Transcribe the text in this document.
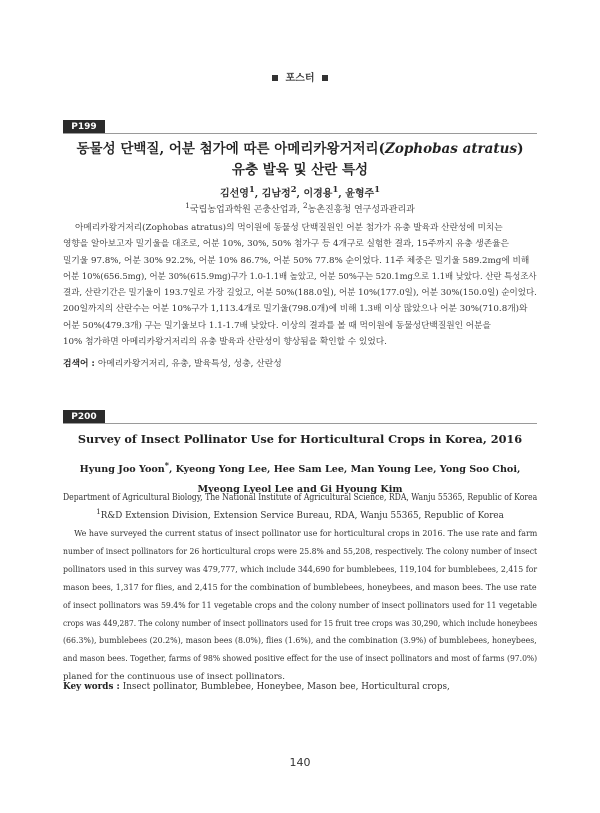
포스터
P199
동물성 단백질, 어분 첨가에 따른 아메리카왕거저리(Zophobas atratus)
유충 발육 및 산란 특성
김선영$^1$, 김남정$^2$, 이경용$^1$, 윤형주$^1$
$^1$국립농업과학원 곤충산업과, $^2$농촌진흥청 연구성과관리과
아메리카왕거저리(Zophobas atratus)의 먹이원에 동물성 단백질원인 어분 첨가가 유충 발육과 산란성에 미치는
영향을 알아보고자 밀기울을 대조로, 어분 10%, 30%, 50% 첨가구 등 4개구로 실험한 결과, 15주까지 유충 생존율은
밀기울 97.8%, 어분 30% 92.2%, 어분 10% 86.7%, 어분 50% 77.8% 순이었다. 11주 체중은 밀기울 589.2mg에 비해
어분 10%(656.5mg), 어분 30%(615.9mg)구가 1.0-1.1배 높았고, 어분 50%구는 520.1mg으로 1.1배 낮았다. 산란 특성조사
결과, 산란기간은 밀기울이 193.7일로 가장 길었고, 어분 50%(188.0일), 어분 10%(177.0일), 어분 30%(150.0일) 순이었다.
200일까지의 산란수는 어분 10%구가 1,113.4개로 밀기울(798.0개)에 비해 1.3배 이상 많았으나 어분 30%(710.8개)와
어분 50%(479.3개) 구는 밀기울보다 1.1-1.7배 낮았다. 이상의 결과를 볼 때 먹이원에 동물성단백질원인 어분을
10% 첨가하면 아메리카왕거저리의 유충 발육과 산란성이 향상됨을 확인할 수 있었다.
검색어 : 아메리카왕거저리, 유충, 발육특성, 성충, 산란성
P200
Survey of Insect Pollinator Use for Horticultural Crops in Korea, 2016
Hyung Joo Yoon*, Kyeong Yong Lee, Hee Sam Lee, Man Young Lee, Yong Soo Choi,
Myeong Lyeol Lee and Gi Hyoung Kim
Department of Agricultural Biology, The National Institute of Agricultural Science, RDA, Wanju 55365, Republic of Korea
$^1$R&D Extension Division, Extension Service Bureau, RDA, Wanju 55365, Republic of Korea
We have surveyed the current status of insect pollinator use for horticultural crops in 2016. The use rate and farm
number of insect pollinators for 26 horticultural crops were 25.8% and 55,208, respectively. The colony number of insect
pollinators used in this survey was 479,777, which include 344,690 for bumblebees, 119,104 for bumblebees, 2,415 for
mason bees, 1,317 for flies, and 2,415 for the combination of bumblebees, honeybees, and mason bees. The use rate
of insect pollinators was 59.4% for 11 vegetable crops and the colony number of insect pollinators used for 11 vegetable
crops was 449,287. The colony number of insect pollinators used for 15 fruit tree crops was 30,290, which include honeybees
(66.3%), bumblebees (20.2%), mason bees (8.0%), flies (1.6%), and the combination (3.9%) of bumblebees, honeybees,
and mason bees. Together, farms of 98% showed positive effect for the use of insect pollinators and most of farms (97.0%)
planed for the continuous use of insect pollinators.
Key words : Insect pollinator, Bumblebee, Honeybee, Mason bee, Horticultural crops,
140
